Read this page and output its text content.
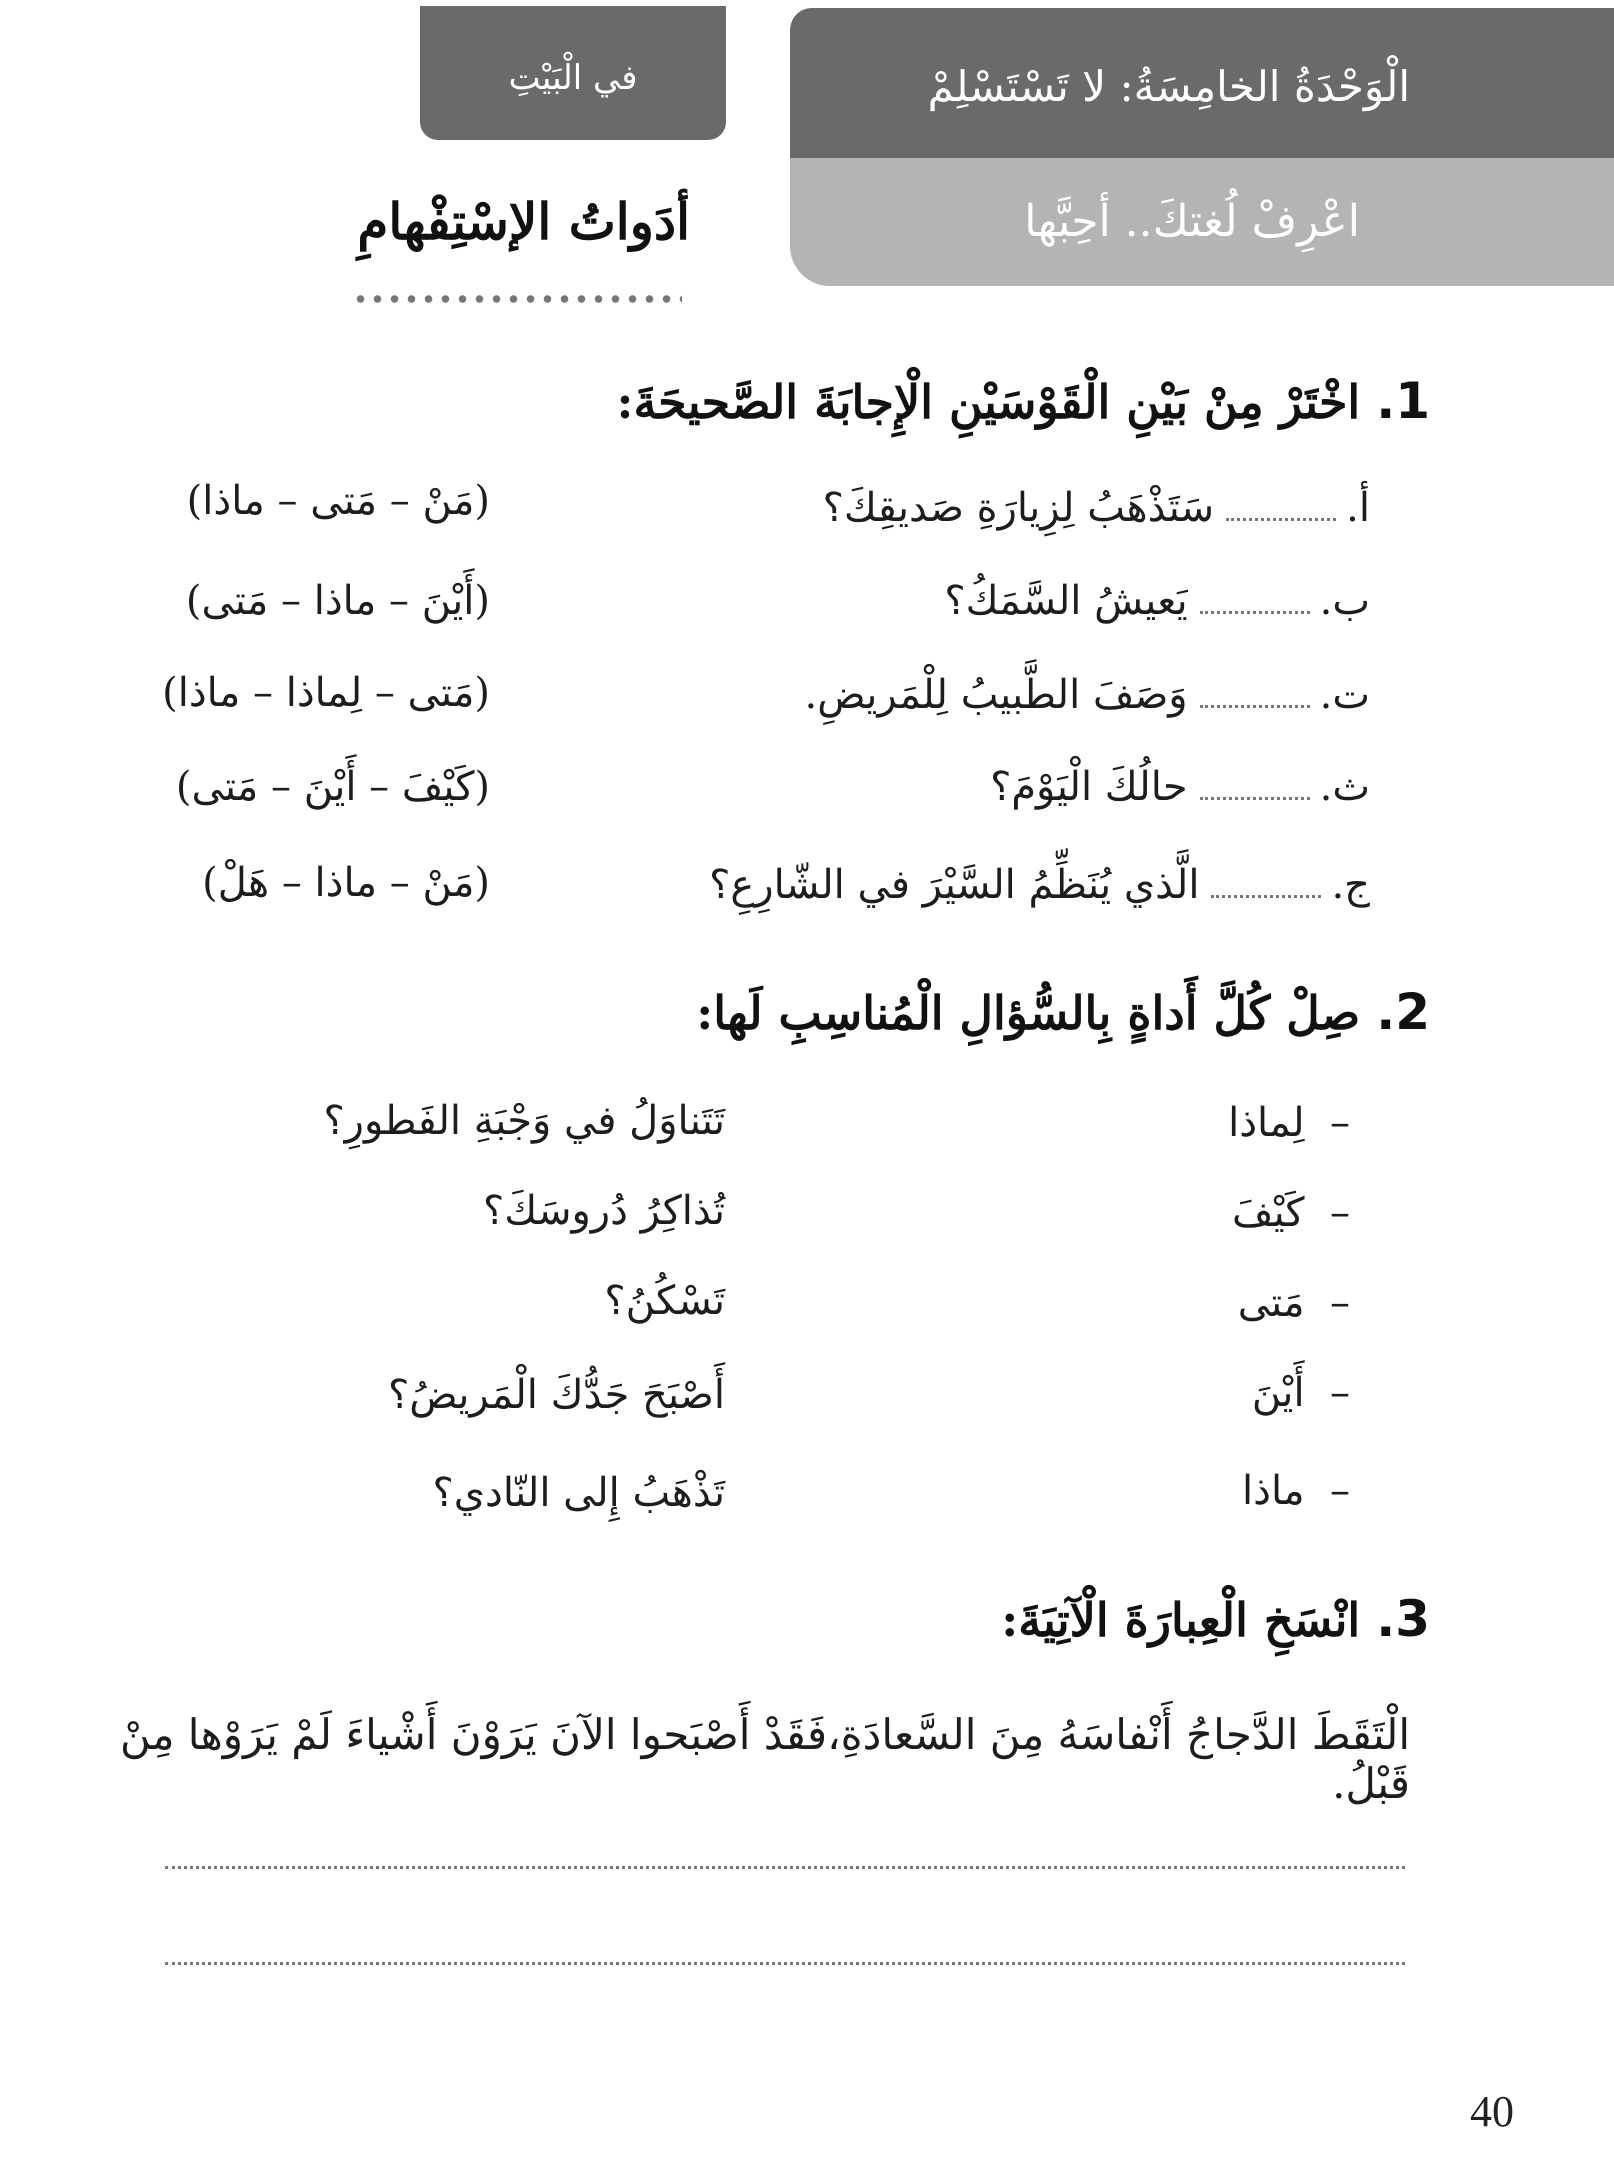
في الْبَيْتِ	الْوَحْدَةُ الخامِسَةُ: لا تَسْتَسْلِمْ
اعْرِفْ لُغتكَ.. أحِبَّها
أدَواتُ الإسْتِفْهامِ
1. اخْتَرْ مِنْ بَيْنِ الْقَوْسَيْنِ الْإِجابَةَ الصَّحيحَةَ:
أ.سَتَذْهَبُ لِزِيارَةِ صَديقِكَ؟
(مَنْ – مَتى – ماذا)
ب.يَعيشُ السَّمَكُ؟
(أَيْنَ – ماذا – مَتى)
ت.وَصَفَ الطَّبيبُ لِلْمَريضِ.
(مَتى – لِماذا – ماذا)
ث.حالُكَ الْيَوْمَ؟
(كَيْفَ – أَيْنَ – مَتى)
ج.الَّذي يُنَظِّمُ السَّيْرَ في الشّارِعِ؟
(مَنْ – ماذا – هَلْ)
2. صِلْ كُلَّ أَداةٍ بِالسُّؤالِ الْمُناسِبِ لَها:
–  لِماذا
–  كَيْفَ
–  مَتى
–  أَيْنَ
–  ماذا
تَتَناوَلُ في وَجْبَةِ الفَطورِ؟
تُذاكِرُ دُروسَكَ؟
تَسْكُنُ؟
أَصْبَحَ جَدُّكَ الْمَريضُ؟
تَذْهَبُ إِلى النّادي؟
3. انْسَخِ الْعِبارَةَ الْآتِيَةَ:
الْتَقَطَ الدَّجاجُ أَنْفاسَهُ مِنَ السَّعادَةِ،فَقَدْ أَصْبَحوا الآنَ يَرَوْنَ أَشْياءَ لَمْ يَرَوْها مِنْ قَبْلُ.
40
